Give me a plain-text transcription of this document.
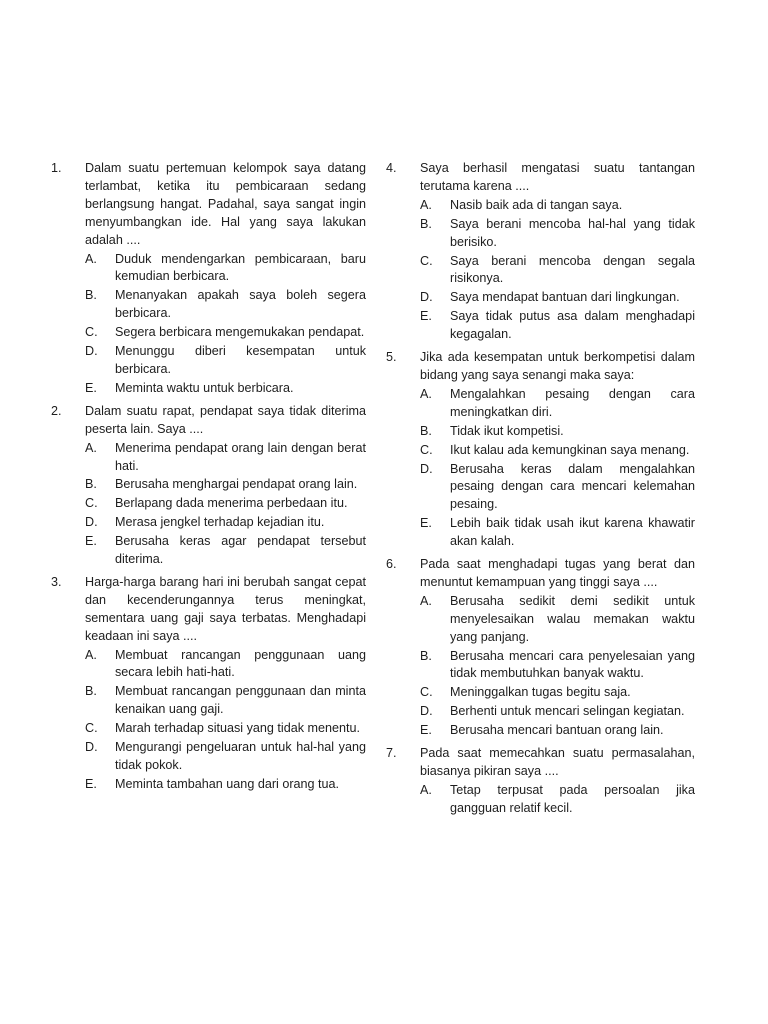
1. Dalam suatu pertemuan kelompok saya datang terlambat, ketika itu pembicaraan sedang berlangsung hangat. Padahal, saya sangat ingin menyumbangkan ide. Hal yang saya lakukan adalah ....
A. Duduk mendengarkan pembicaraan, baru kemudian berbicara.
B. Menanyakan apakah saya boleh segera berbicara.
C. Segera berbicara mengemukakan pendapat.
D. Menunggu diberi kesempatan untuk berbicara.
E. Meminta waktu untuk berbicara.
2. Dalam suatu rapat, pendapat saya tidak diterima peserta lain. Saya ....
A. Menerima pendapat orang lain dengan berat hati.
B. Berusaha menghargai pendapat orang lain.
C. Berlapang dada menerima perbedaan itu.
D. Merasa jengkel terhadap kejadian itu.
E. Berusaha keras agar pendapat tersebut diterima.
3. Harga-harga barang hari ini berubah sangat cepat dan kecenderungannya terus meningkat, sementara uang gaji saya terbatas. Menghadapi keadaan ini saya ....
A. Membuat rancangan penggunaan uang secara lebih hati-hati.
B. Membuat rancangan penggunaan dan minta kenaikan uang gaji.
C. Marah terhadap situasi yang tidak menentu.
D. Mengurangi pengeluaran untuk hal-hal yang tidak pokok.
E. Meminta tambahan uang dari orang tua.
4. Saya berhasil mengatasi suatu tantangan terutama karena ....
A. Nasib baik ada di tangan saya.
B. Saya berani mencoba hal-hal yang tidak berisiko.
C. Saya berani mencoba dengan segala risikonya.
D. Saya mendapat bantuan dari lingkungan.
E. Saya tidak putus asa dalam menghadapi kegagalan.
5. Jika ada kesempatan untuk berkompetisi dalam bidang yang saya senangi maka saya:
A. Mengalahkan pesaing dengan cara meningkatkan diri.
B. Tidak ikut kompetisi.
C. Ikut kalau ada kemungkinan saya menang.
D. Berusaha keras dalam mengalahkan pesaing dengan cara mencari kelemahan pesaing.
E. Lebih baik tidak usah ikut karena khawatir akan kalah.
6. Pada saat menghadapi tugas yang berat dan menuntut kemampuan yang tinggi saya ....
A. Berusaha sedikit demi sedikit untuk menyelesaikan walau memakan waktu yang panjang.
B. Berusaha mencari cara penyelesaian yang tidak membutuhkan banyak waktu.
C. Meninggalkan tugas begitu saja.
D. Berhenti untuk mencari selingan kegiatan.
E. Berusaha mencari bantuan orang lain.
7. Pada saat memecahkan suatu permasalahan, biasanya pikiran saya ....
A. Tetap terpusat pada persoalan jika gangguan relatif kecil.
